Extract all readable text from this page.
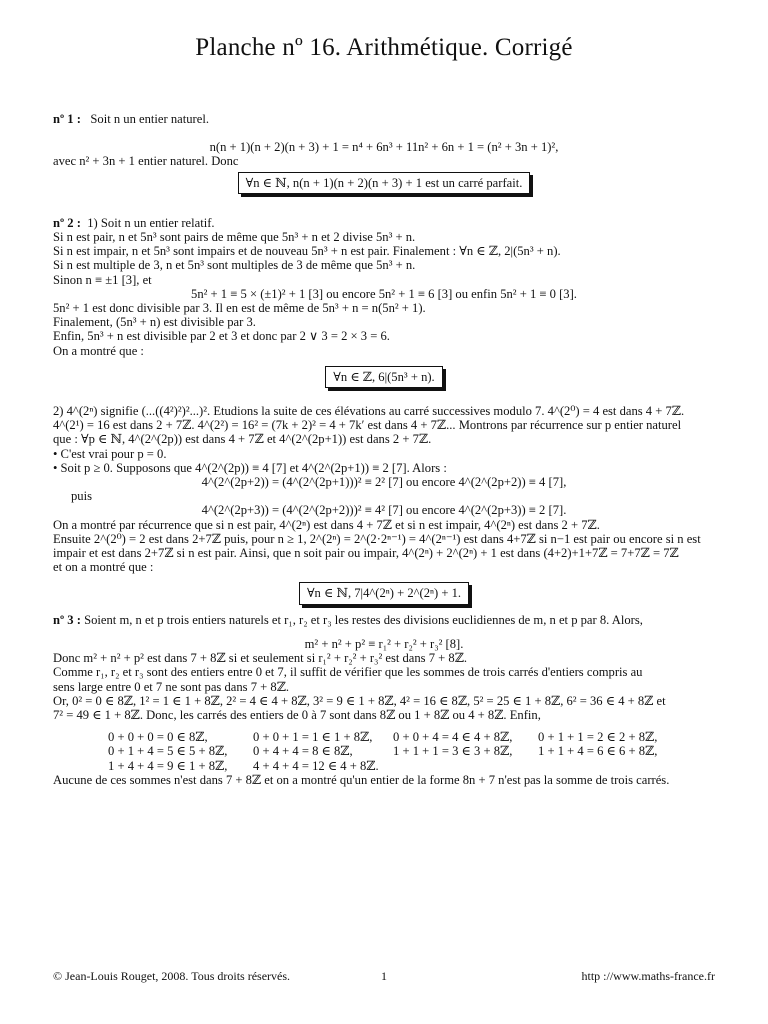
Planche nº 16. Arithmétique. Corrigé

nº 1 : Soit n un entier naturel.

n(n + 1)(n + 2)(n + 3) + 1 = n⁴ + 6n³ + 11n² + 6n + 1 = (n² + 3n + 1)²,

avec n² + 3n + 1 entier naturel. Donc

∀n ∈ ℕ, n(n + 1)(n + 2)(n + 3) + 1 est un carré parfait.

nº 2 : 1) Soit n un entier relatif.

Si n est pair, n et 5n³ sont pairs de même que 5n³ + n et 2 divise 5n³ + n.

Si n est impair, n et 5n³ sont impairs et de nouveau 5n³ + n est pair. Finalement : ∀n ∈ ℤ, 2|(5n³ + n).

Si n est multiple de 3, n et 5n³ sont multiples de 3 de même que 5n³ + n.

Sinon n ≡ ±1 [3], et

5n² + 1 ≡ 5 × (±1)² + 1 [3] ou encore 5n² + 1 ≡ 6 [3] ou enfin 5n² + 1 ≡ 0 [3].

5n² + 1 est donc divisible par 3. Il en est de même de 5n³ + n = n(5n² + 1).

Finalement, (5n³ + n) est divisible par 3.

Enfin, 5n³ + n est divisible par 2 et 3 et donc par 2 ∨ 3 = 2 × 3 = 6.

On a montré que :

∀n ∈ ℤ, 6|(5n³ + n).

2) 4^(2ⁿ) signifie (...((4²)²)²...)². Etudions la suite de ces élévations au carré successives modulo 7. 4^(2⁰) = 4 est dans 4 + 7ℤ.

4^(2¹) = 16 est dans 2 + 7ℤ. 4^(2²) = 16² = (7k + 2)² = 4 + 7k′ est dans 4 + 7ℤ... Montrons par récurrence sur p entier naturel

que : ∀p ∈ ℕ, 4^(2^(2p)) est dans 4 + 7ℤ et 4^(2^(2p+1)) est dans 2 + 7ℤ.

• C'est vrai pour p = 0.

• Soit p ≥ 0. Supposons que 4^(2^(2p)) ≡ 4 [7] et 4^(2^(2p+1)) ≡ 2 [7]. Alors :

4^(2^(2p+2)) = (4^(2^(2p+1)))² ≡ 2² [7] ou encore 4^(2^(2p+2)) ≡ 4 [7],

puis

4^(2^(2p+3)) = (4^(2^(2p+2)))² ≡ 4² [7] ou encore 4^(2^(2p+3)) ≡ 2 [7].

On a montré par récurrence que si n est pair, 4^(2ⁿ) est dans 4 + 7ℤ et si n est impair, 4^(2ⁿ) est dans 2 + 7ℤ.

Ensuite 2^(2⁰) = 2 est dans 2+7ℤ puis, pour n ≥ 1, 2^(2ⁿ) = 2^(2·2ⁿ⁻¹) = 4^(2ⁿ⁻¹) est dans 4+7ℤ si n−1 est pair ou encore si n est

impair et est dans 2+7ℤ si n est pair. Ainsi, que n soit pair ou impair, 4^(2ⁿ) + 2^(2ⁿ) + 1 est dans (4+2)+1+7ℤ = 7+7ℤ = 7ℤ

et on a montré que :

∀n ∈ ℕ, 7|4^(2ⁿ) + 2^(2ⁿ) + 1.

nº 3 : Soient m, n et p trois entiers naturels et r₁, r₂ et r₃ les restes des divisions euclidiennes de m, n et p par 8. Alors,

m² + n² + p² ≡ r₁² + r₂² + r₃² [8].

Donc m² + n² + p² est dans 7 + 8ℤ si et seulement si r₁² + r₂² + r₃² est dans 7 + 8ℤ.

Comme r₁, r₂ et r₃ sont des entiers entre 0 et 7, il suffit de vérifier que les sommes de trois carrés d'entiers compris au

sens large entre 0 et 7 ne sont pas dans 7 + 8ℤ.

Or, 0² = 0 ∈ 8ℤ, 1² = 1 ∈ 1 + 8ℤ, 2² = 4 ∈ 4 + 8ℤ, 3² = 9 ∈ 1 + 8ℤ, 4² = 16 ∈ 8ℤ, 5² = 25 ∈ 1 + 8ℤ, 6² = 36 ∈ 4 + 8ℤ et

7² = 49 ∈ 1 + 8ℤ. Donc, les carrés des entiers de 0 à 7 sont dans 8ℤ ou 1 + 8ℤ ou 4 + 8ℤ. Enfin,

0 + 0 + 0 = 0 ∈ 8ℤ,	0 + 0 + 1 = 1 ∈ 1 + 8ℤ,	0 + 0 + 4 = 4 ∈ 4 + 8ℤ,	0 + 1 + 1 = 2 ∈ 2 + 8ℤ,
0 + 1 + 4 = 5 ∈ 5 + 8ℤ,	0 + 4 + 4 = 8 ∈ 8ℤ,	1 + 1 + 1 = 3 ∈ 3 + 8ℤ,	1 + 1 + 4 = 6 ∈ 6 + 8ℤ,
1 + 4 + 4 = 9 ∈ 1 + 8ℤ,	4 + 4 + 4 = 12 ∈ 4 + 8ℤ.

Aucune de ces sommes n'est dans 7 + 8ℤ et on a montré qu'un entier de la forme 8n + 7 n'est pas la somme de trois carrés.

© Jean-Louis Rouget, 2008. Tous droits réservés.	1	http ://www.maths-france.fr
